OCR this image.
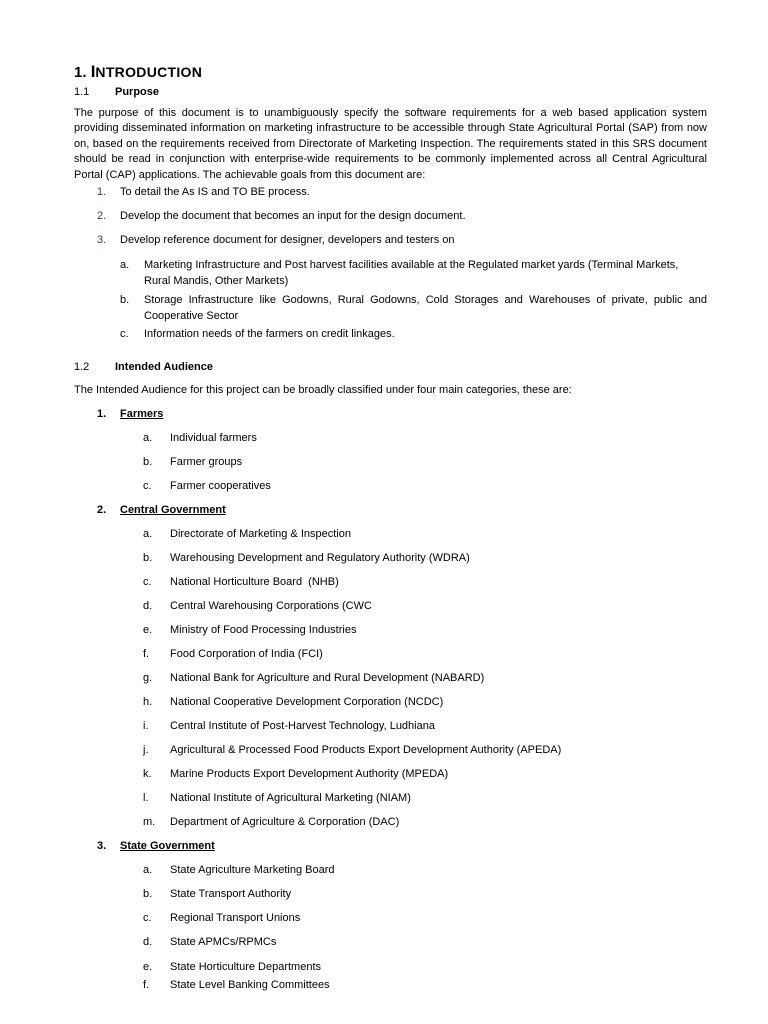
1. INTRODUCTION
1.1 Purpose
The purpose of this document is to unambiguously specify the software requirements for a web based application system providing disseminated information on marketing infrastructure to be accessible through State Agricultural Portal (SAP) from now on, based on the requirements received from Directorate of Marketing Inspection. The requirements stated in this SRS document should be read in conjunction with enterprise-wide requirements to be commonly implemented across all Central Agricultural Portal (CAP) applications. The achievable goals from this document are:
1. To detail the As IS and TO BE process.
2. Develop the document that becomes an input for the design document.
3. Develop reference document for designer, developers and testers on
a. Marketing Infrastructure and Post harvest facilities available at the Regulated market yards (Terminal Markets, Rural Mandis, Other Markets)
b. Storage Infrastructure like Godowns, Rural Godowns, Cold Storages and Warehouses of private, public and Cooperative Sector
c. Information needs of the farmers on credit linkages.
1.2 Intended Audience
The Intended Audience for this project can be broadly classified under four main categories, these are:
1. Farmers
a. Individual farmers
b. Farmer groups
c. Farmer cooperatives
2. Central Government
a. Directorate of Marketing & Inspection
b. Warehousing Development and Regulatory Authority (WDRA)
c. National Horticulture Board  (NHB)
d. Central Warehousing Corporations (CWC
e. Ministry of Food Processing Industries
f. Food Corporation of India (FCI)
g. National Bank for Agriculture and Rural Development (NABARD)
h. National Cooperative Development Corporation (NCDC)
i. Central Institute of Post-Harvest Technology, Ludhiana
j. Agricultural & Processed Food Products Export Development Authority (APEDA)
k. Marine Products Export Development Authority (MPEDA)
l. National Institute of Agricultural Marketing (NIAM)
m. Department of Agriculture & Corporation (DAC)
3. State Government
a. State Agriculture Marketing Board
b. State Transport Authority
c. Regional Transport Unions
d. State APMCs/RPMCs
e. State Horticulture Departments
f. State Level Banking Committees
